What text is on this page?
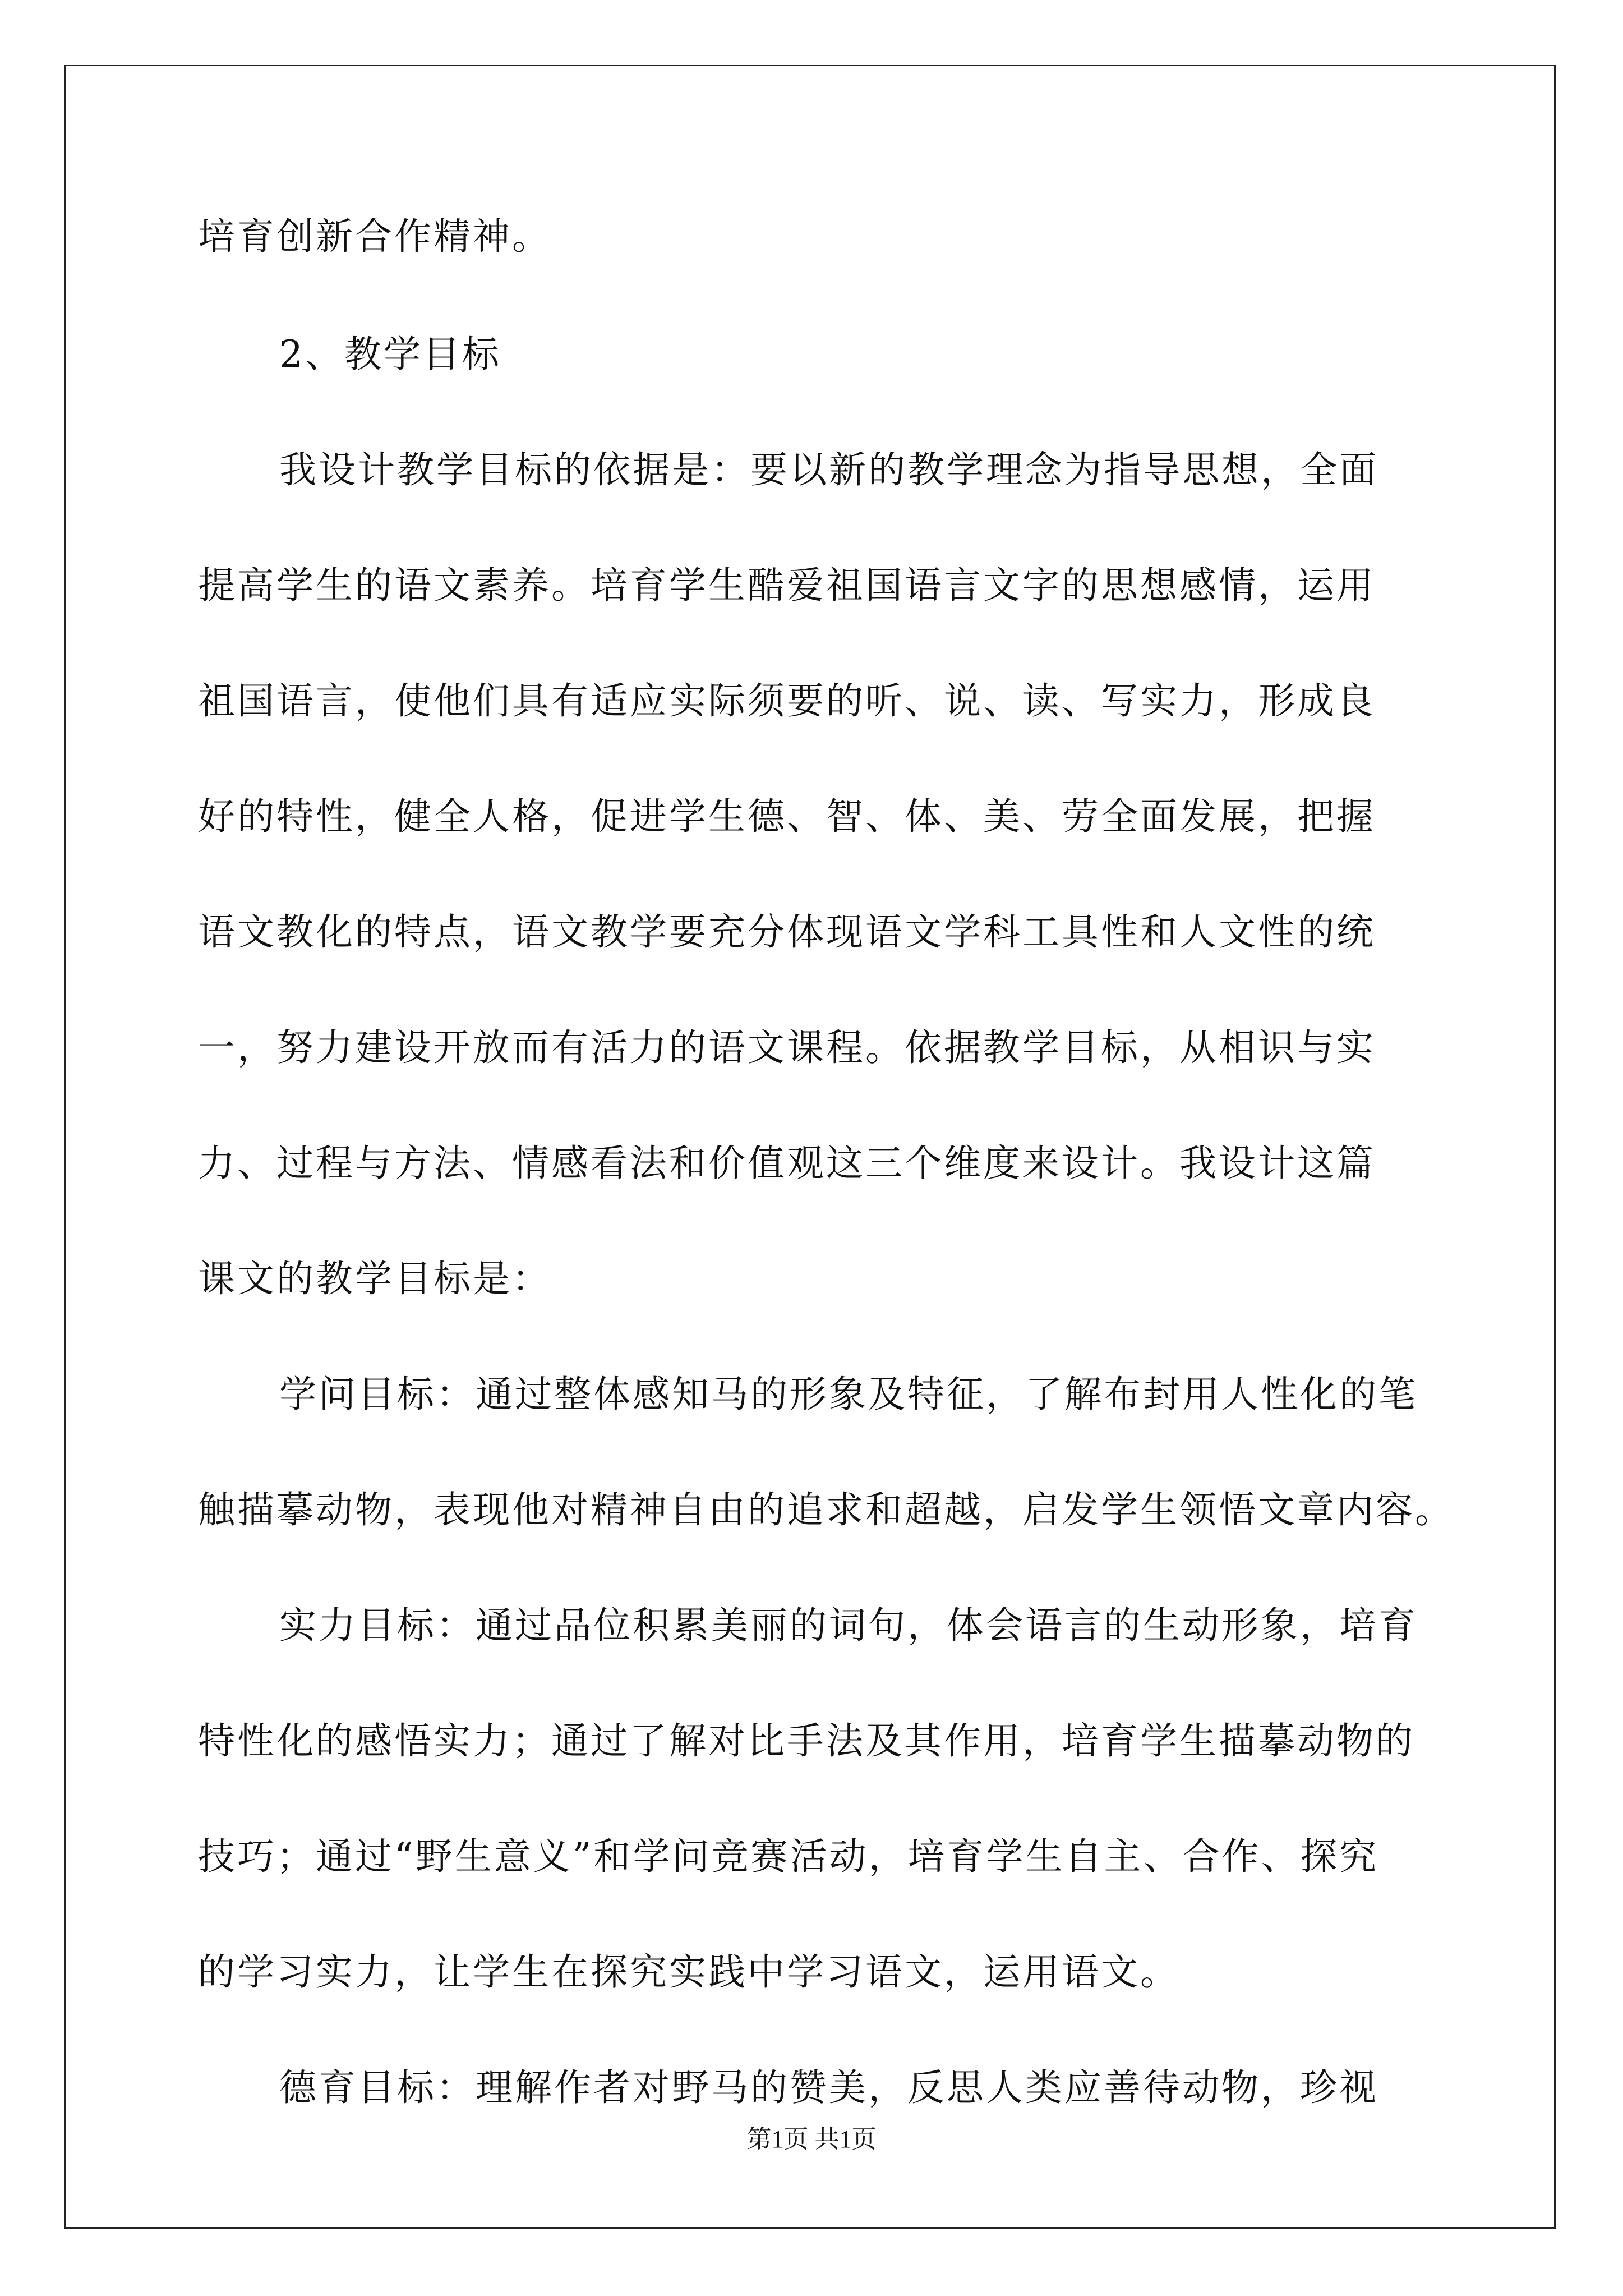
培育创新合作精神。
2、教学目标
我设计教学目标的依据是：要以新的教学理念为指导思想，全面
提高学生的语文素养。培育学生酷爱祖国语言文字的思想感情，运用
祖国语言，使他们具有适应实际须要的听、说、读、写实力，形成良
好的特性，健全人格，促进学生德、智、体、美、劳全面发展，把握
语文教化的特点，语文教学要充分体现语文学科工具性和人文性的统
一，努力建设开放而有活力的语文课程。依据教学目标，从相识与实
力、过程与方法、情感看法和价值观这三个维度来设计。我设计这篇
课文的教学目标是：
学问目标：通过整体感知马的形象及特征，了解布封用人性化的笔
触描摹动物，表现他对精神自由的追求和超越，启发学生领悟文章内容。
实力目标：通过品位积累美丽的词句，体会语言的生动形象，培育
特性化的感悟实力；通过了解对比手法及其作用，培育学生描摹动物的
技巧；通过“野生意义”和学问竞赛活动，培育学生自主、合作、探究
的学习实力，让学生在探究实践中学习语文，运用语文。
德育目标：理解作者对野马的赞美，反思人类应善待动物，珍视
第1页 共1页
